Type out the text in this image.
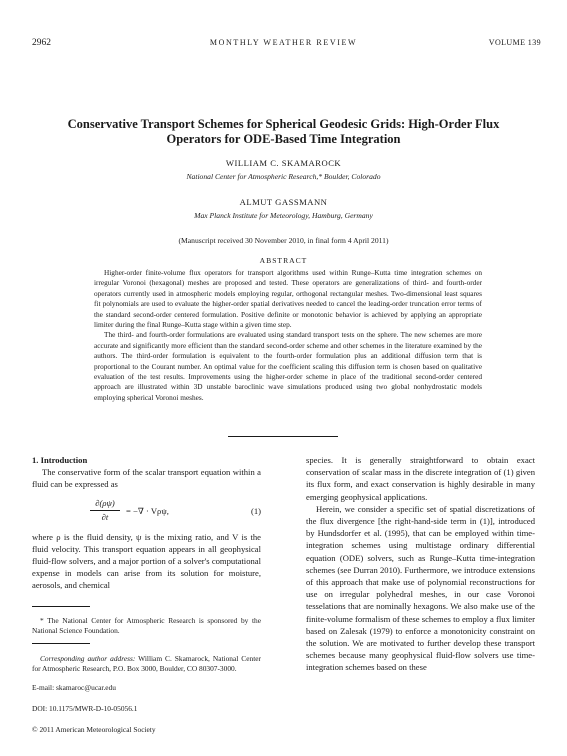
2962	MONTHLY WEATHER REVIEW	VOLUME 139
Conservative Transport Schemes for Spherical Geodesic Grids: High-Order Flux Operators for ODE-Based Time Integration
WILLIAM C. SKAMAROCK
National Center for Atmospheric Research,* Boulder, Colorado
ALMUT GASSMANN
Max Planck Institute for Meteorology, Hamburg, Germany
(Manuscript received 30 November 2010, in final form 4 April 2011)
ABSTRACT

Higher-order finite-volume flux operators for transport algorithms used within Runge–Kutta time integration schemes on irregular Voronoi (hexagonal) meshes are proposed and tested. These operators are generalizations of third- and fourth-order operators currently used in atmospheric models employing regular, orthogonal rectangular meshes. Two-dimensional least squares fit polynomials are used to evaluate the higher-order spatial derivatives needed to cancel the leading-order truncation error terms of the standard second-order centered formulation. Positive definite or monotonic behavior is achieved by applying an appropriate limiter during the final Runge–Kutta stage within a given time step.

The third- and fourth-order formulations are evaluated using standard transport tests on the sphere. The new schemes are more accurate and significantly more efficient than the standard second-order scheme and other schemes in the literature examined by the authors. The third-order formulation is equivalent to the fourth-order formulation plus an additional diffusion term that is proportional to the Courant number. An optimal value for the coefficient scaling this diffusion term is chosen based on qualitative evaluation of the test results. Improvements using the higher-order scheme in place of the traditional second-order centered approach are illustrated within 3D unstable baroclinic wave simulations produced using two global nonhydrostatic models employing spherical Voronoi meshes.

1. Introduction

The conservative form of the scalar transport equation within a fluid can be expressed as

$\frac{\partial(\rho\psi)}{\partial t}$ = −∇ · Vρψ,	(1)

where ρ is the fluid density, ψ is the mixing ratio, and V is the fluid velocity. This transport equation appears in all geophysical fluid-flow solvers, and a major portion of a solver's computational expense in models can arise from its solution for moisture, aerosols, and chemical

species. It is generally straightforward to obtain exact conservation of scalar mass in the discrete integration of (1) given its flux form, and exact conservation is highly desirable in many emerging geophysical applications.

Herein, we consider a specific set of spatial discretizations of the flux divergence [the right-hand-side term in (1)], introduced by Hundsdorfer et al. (1995), that can be employed within time-integration schemes using multistage ordinary differential equation (ODE) solvers, such as Runge–Kutta time-integration schemes (see Durran 2010). Furthermore, we introduce extensions of this approach that make use of polynomial reconstructions for use on irregular polyhedral meshes, in our case Voronoi tesselations that are nominally hexagons. We also make use of the finite-volume formalism of these schemes to employ a flux limiter based on Zalesak (1979) to enforce a monotonicity constraint on the solution. We are motivated to further develop these transport schemes because many geophysical fluid-flow solvers use time-integration schemes based on these

* The National Center for Atmospheric Research is sponsored by the National Science Foundation.
Corresponding author address: William C. Skamarock, National Center for Atmospheric Research, P.O. Box 3000, Boulder, CO 80307-3000.
E-mail: skamaroc@ucar.edu
DOI: 10.1175/MWR-D-10-05056.1
© 2011 American Meteorological Society
